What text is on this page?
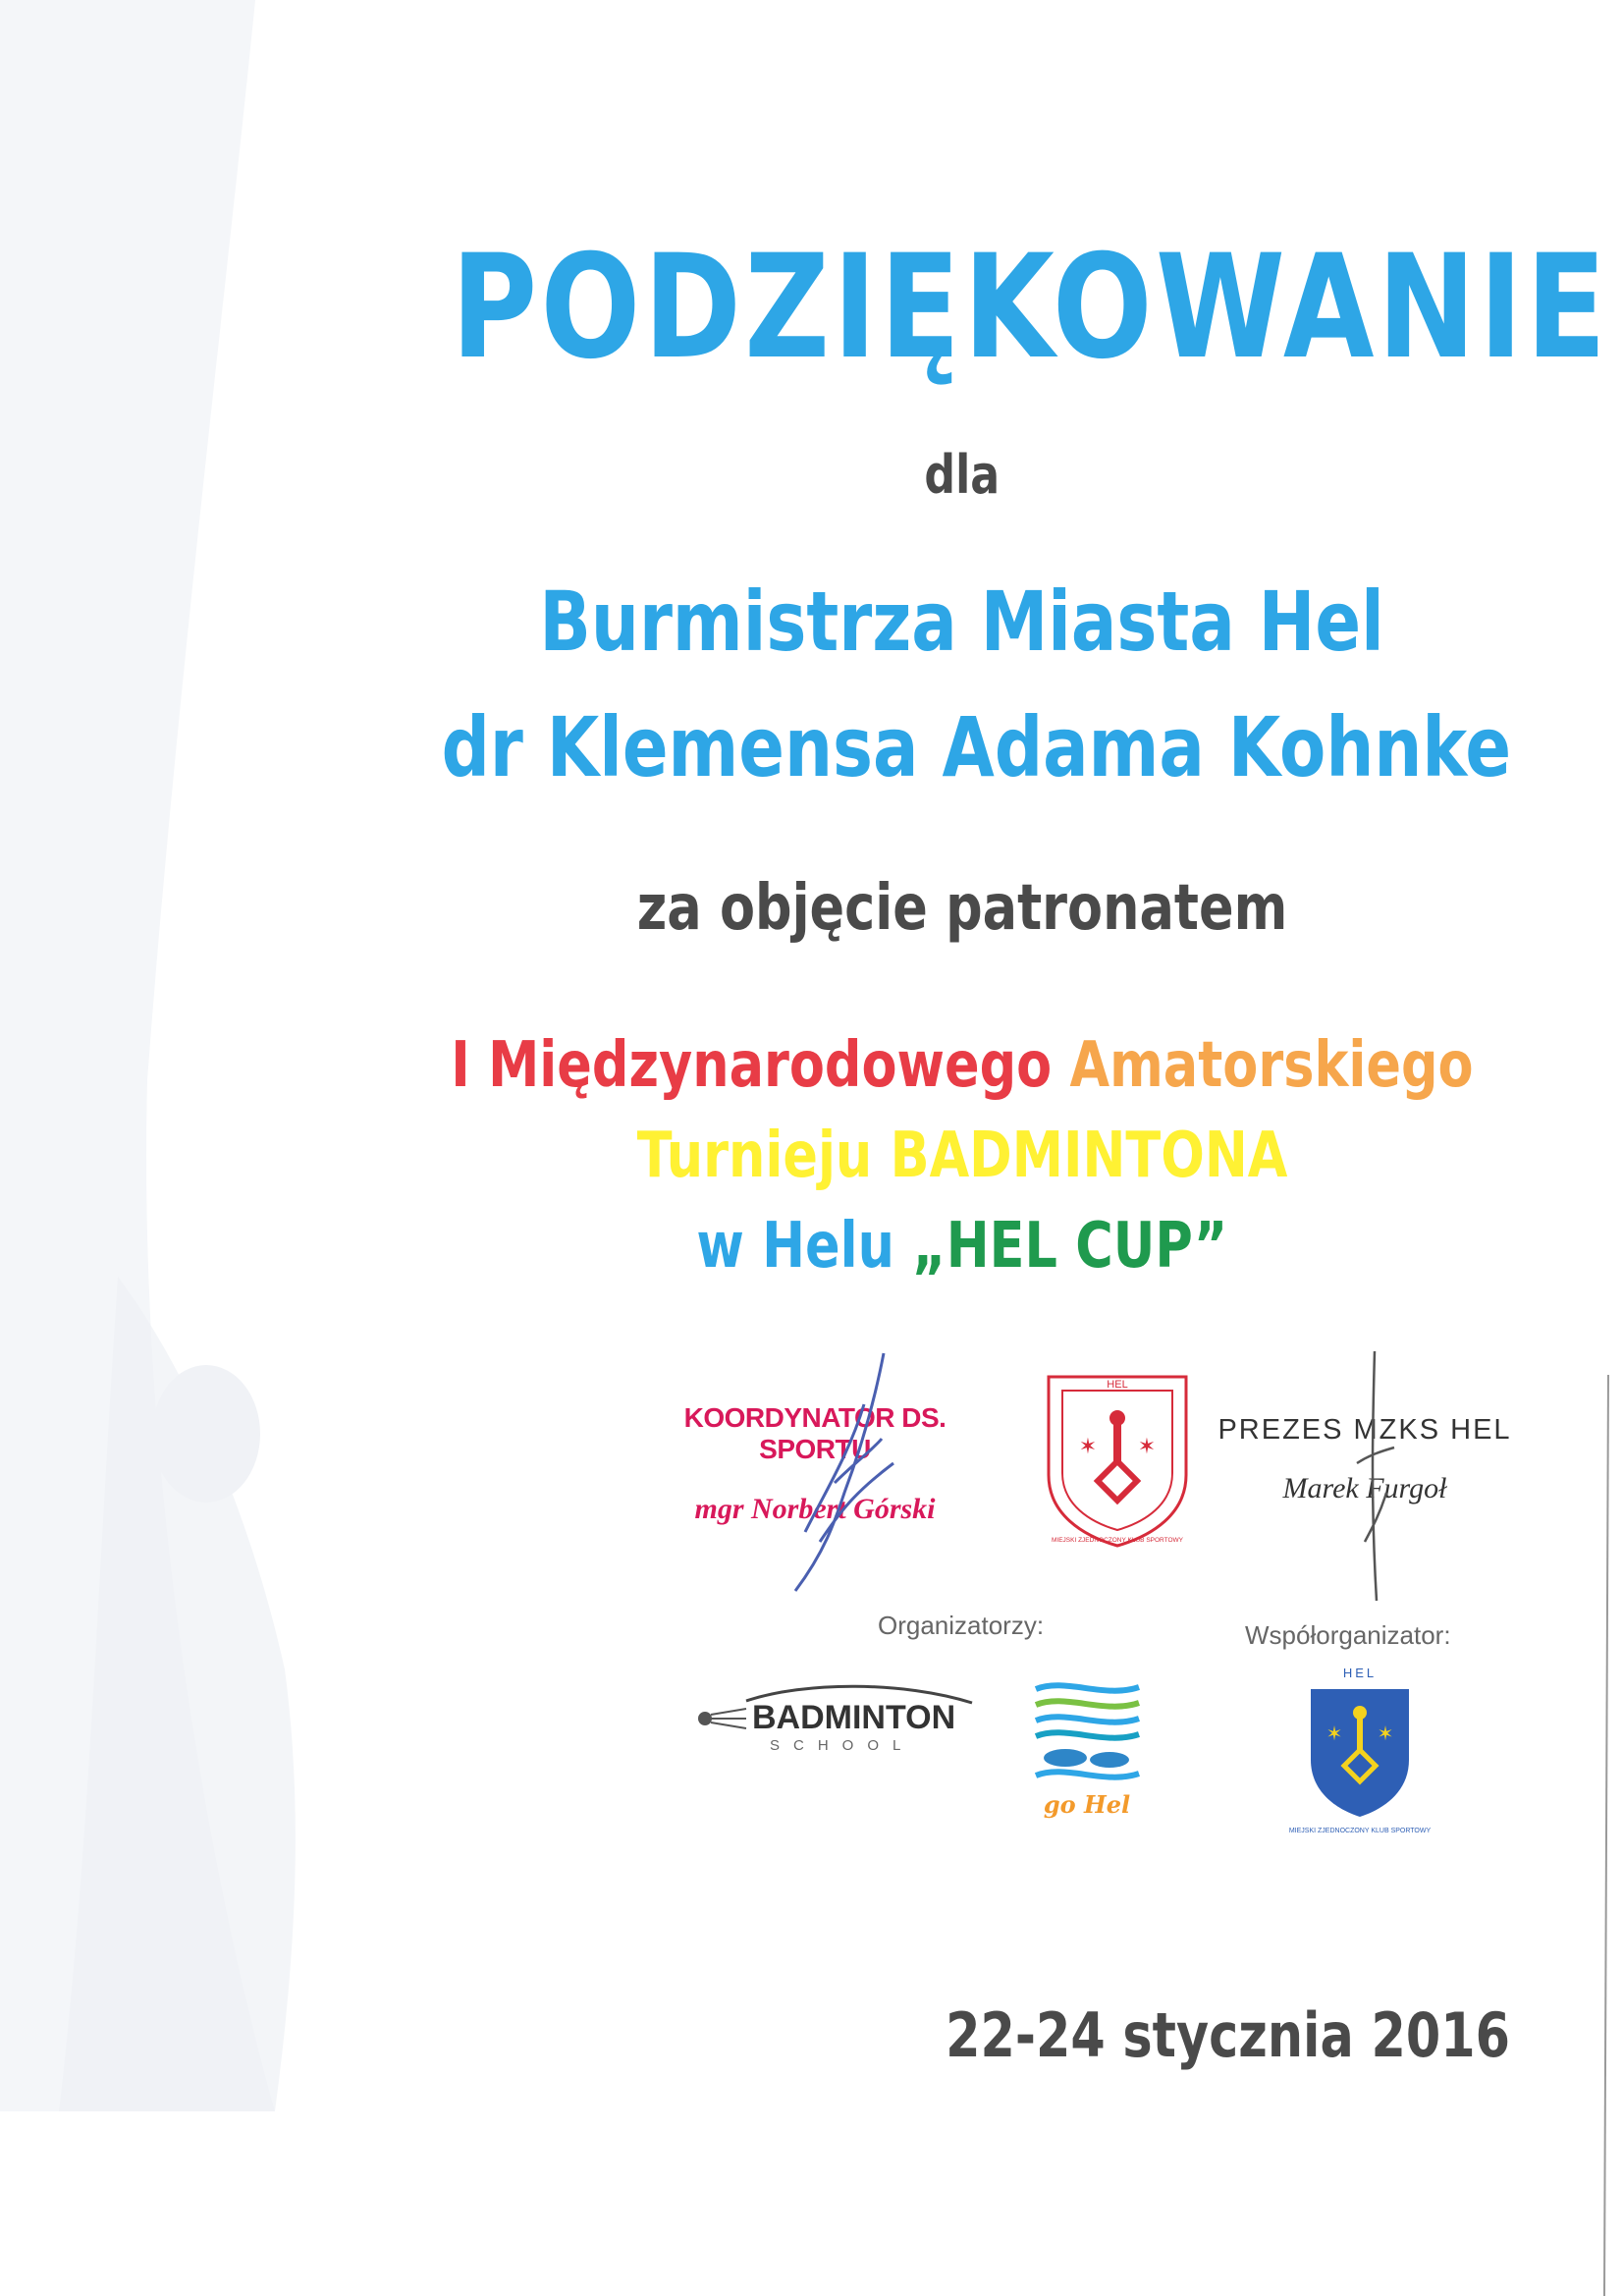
PODZIĘKOWANIE
dla
Burmistrza Miasta Hel
dr Klemensa Adama Kohnke
za objęcie patronatem
I Międzynarodowego Amatorskiego
Turnieju BADMINTONA
w Helu „HEL CUP”
KOORDYNATOR DS. SPORTU
mgr Norbert Górski
HEL
MIEJSKI ZJEDNOCZONY KLUB SPORTOWY
✶ ✶
PREZES MZKS HEL
Marek Furgoł
Organizatorzy:	Współorganizator:
BADMINTON
SCHOOL
go Hel
HEL
✶ ✶
MIEJSKI ZJEDNOCZONY KLUB SPORTOWY
22-24 stycznia 2016
